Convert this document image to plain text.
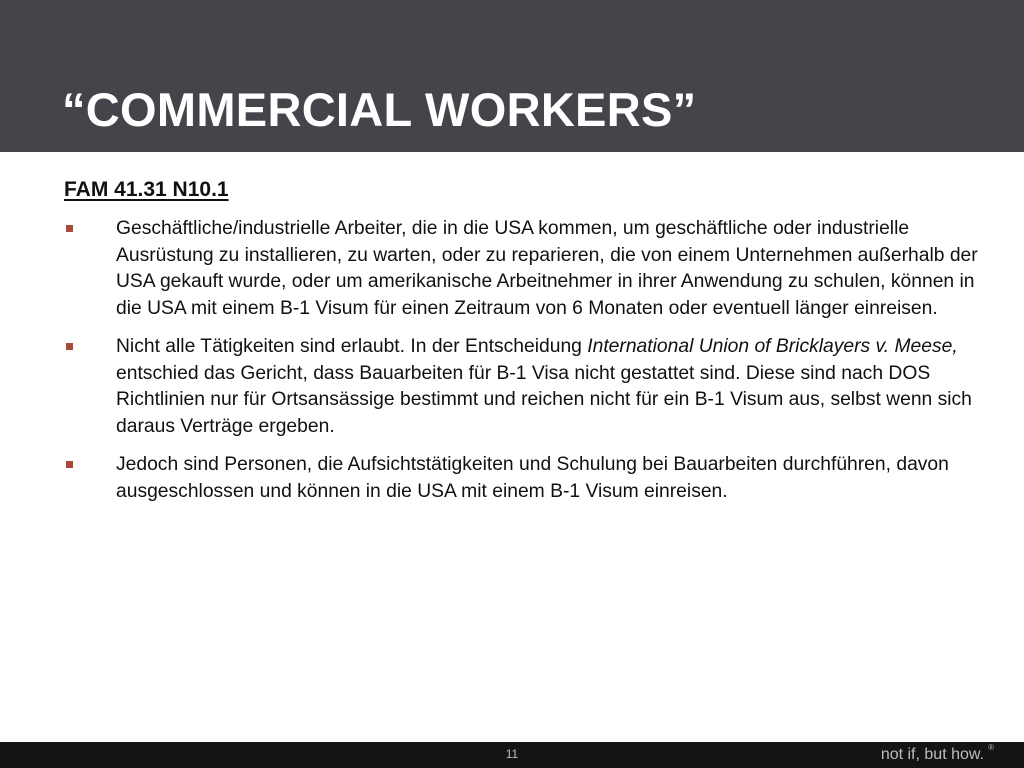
“COMMERCIAL WORKERS”
FAM 41.31 N10.1
Geschäftliche/industrielle Arbeiter, die in die USA kommen, um geschäftliche oder industrielle Ausrüstung zu installieren, zu warten, oder zu reparieren, die von einem Unternehmen außerhalb der USA gekauft wurde, oder um amerikanische Arbeitnehmer in ihrer Anwendung zu schulen, können in die USA mit einem B-1 Visum für einen Zeitraum von 6 Monaten oder eventuell länger einreisen.
Nicht alle Tätigkeiten sind erlaubt. In der Entscheidung International Union of Bricklayers v. Meese, entschied das Gericht, dass Bauarbeiten für B-1 Visa nicht gestattet sind. Diese sind nach DOS Richtlinien nur für Ortsansässige bestimmt und reichen nicht für ein B-1 Visum aus, selbst wenn sich daraus Verträge ergeben.
Jedoch sind Personen, die Aufsichtstätigkeiten und Schulung bei Bauarbeiten durchführen, davon ausgeschlossen und können in die USA mit einem B-1 Visum einreisen.
11	not if, but how. ®
